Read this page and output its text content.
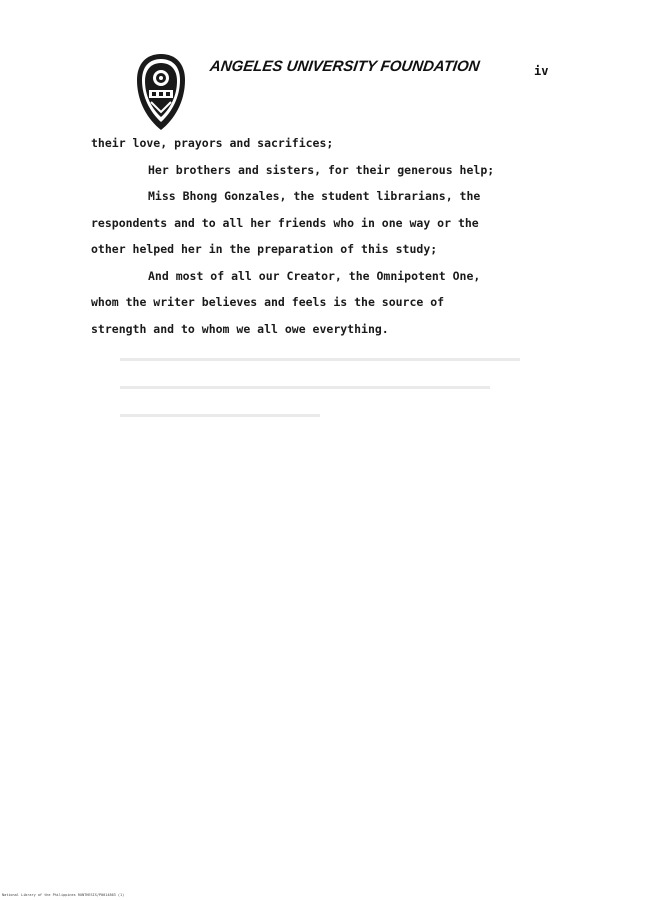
ANGELES UNIVERSITY FOUNDATION	iv
their love, prayors and sacrifices;
Her brothers and sisters, for their generous help;
Miss Bhong Gonzales, the student librarians, the
respondents and to all her friends who in one way or the
other helped her in the preparation of this study;
And most of all our Creator, the Omnipotent One,
whom the writer believes and feels is the source of
strength and to whom we all owe everything.
National Library of the Philippines RUNTHESIS/P0014863 (1)
